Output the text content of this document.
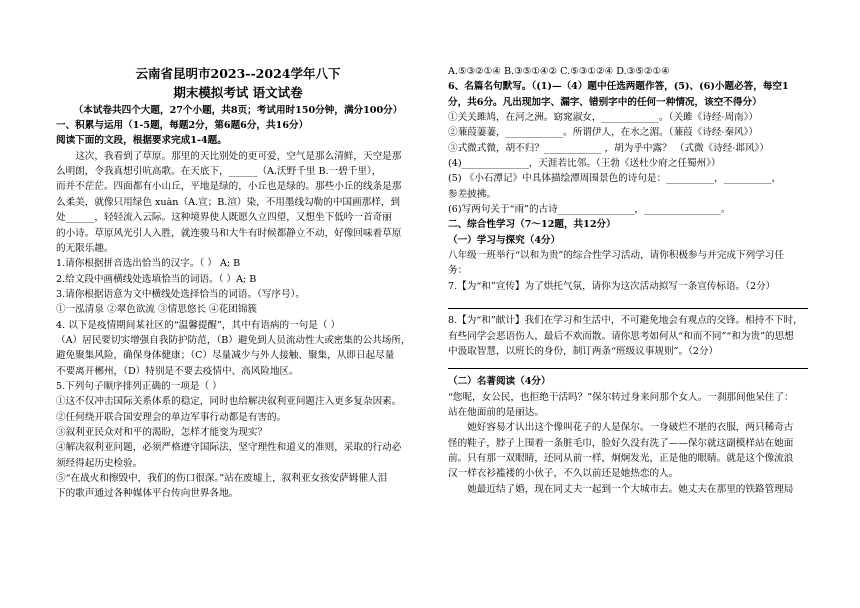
云南省昆明市2023--2024学年八下

期末模拟考试 语文试卷

（本试卷共四个大题，27个小题，共8页；考试用时150分钟，满分100分）

一、积累与运用（1-5题，每题2分，第6题6分，共16分）

阅读下面的文段，根据要求完成1-4题。

这次，我看到了草原。那里的天比别处的更可爱，空气是那么清鲜，天空是那

么明朗，令我真想引吭高歌。在天底下，______（A.沃野千里 B.一碧千里），

而并不茫茫。四面都有小山丘，平地是绿的，小丘也是绿的。那些小丘的线条是那

么柔美，就像只用绿色 xuàn（A.宣；B.渲）染，不用墨线勾勒的中国画那样，到

处______，轻轻流入云际。这种境界使人既愿久立四望，又想坐下低吟一首奇丽

的小诗。草原风光引人入胜，就连骏马和大牛有时候都静立不动，好像回味着草原

的无限乐趣。

1.请你根据拼音选出恰当的汉字。（ ） A; B

2.给文段中画横线处选填恰当的词语。（ ）A; B

3.请你根据语意为文中横线处选择恰当的词语。（写序号）。

①一泓清泉 ②翠色欲流 ③情思悠长 ④花团锦簇

4. 以下是疫情期间某社区的“温馨提醒”，其中有语病的一句是（ ）

（A）居民要切实增强自我防护防范，（B）避免到人员流动性大或密集的公共场所，

避免聚集风险，确保身体健康；（C）尽量减少与外人接触、聚集，从即日起尽量

不要离开郴州，（D）特别是不要去疫情中、高风险地区。

5.下列句子顺序排列正确的一项是（ ）

①这不仅冲击国际关系体系的稳定，同时也给解决叙利亚问题注入更多复杂因素。

②任何绕开联合国安理会的单边军事行动都是有害的。

③叙利亚民众对和平的渴盼，怎样才能变为现实？

④解决叙利亚问题，必须严格遵守国际法，坚守理性和道义的准则，采取的行动必

须经得起历史检验。

⑤“在战火和擦毁中，我们的伤口很深。”站在废墟上，叙利亚女孩安萨姆催人泪

下的歌声通过各种媒体平台传向世界各地。

A.⑤③②①④ B.③⑤①④② C.⑤③①②④ D.③⑤②①④

6、名篇名句默写。（(1)—（4）题中任选两题作答，(5)、(6)小题必答，每空1

分，共6分。凡出现加字、漏字、错别字中的任何一种情况，该空不得分）

①关关雎鸠，在河之洲。窈窕淑女，____________。（关雎《诗经·周南》）

②蒹葭萋萋，____________。所谓伊人，在水之湄。（蒹葭《诗经·秦风》）

③式微式微，胡不归？____________ ，胡为乎中露？ （式微《诗经·邶风》）

(4)______________，天涯若比邻。（王勃《送杜少府之任蜀州》）

(5) 《小石潭记》中具体描绘潭周围景色的诗句是：__________，__________，

参差披拂。

(6)写两句关于“雨”的古诗________________，________________。

二、综合性学习（7～12题，共12分）

（一）学习与探究（4分）

八年级一班举行“以和为贵”的综合性学习活动，请你积极参与并完成下列学习任

务：

7.【为“和”宣传】为了烘托气氛，请你为这次活动拟写一条宣传标语。（2分）

8.【为“和”献计】我们在学习和生活中，不可避免地会有观点的交锋。相持不下时，

有些同学会恶语伤人，最后不欢而散。请你思考如何从“和而不同”“和为贵”的思想

中汲取智慧，以班长的身份，制订两条“班级议事规则”。（2分）

（二）名著阅读（4分）

“您呢，女公民，也拒绝干活吗？”保尔转过身来问那个女人。一刹那间他呆住了：

站在他面前的是丽达。

她好容易才认出这个像叫花子的人是保尔。一身破烂不堪的衣服，两只稀奇古

怪的鞋子，脖子上围着一条脏毛巾，脸好久没有洗了——保尔就这副模样站在她面

前。只有那一双眼睛，还同从前一样，炯炯发光，正是他的眼睛。就是这个像流浪

汉一样衣衫褴褛的小伙子，不久以前还是她热恋的人。

她最近结了婚，现在同丈夫一起到一个大城市去。她丈夫在那里的铁路管理局
